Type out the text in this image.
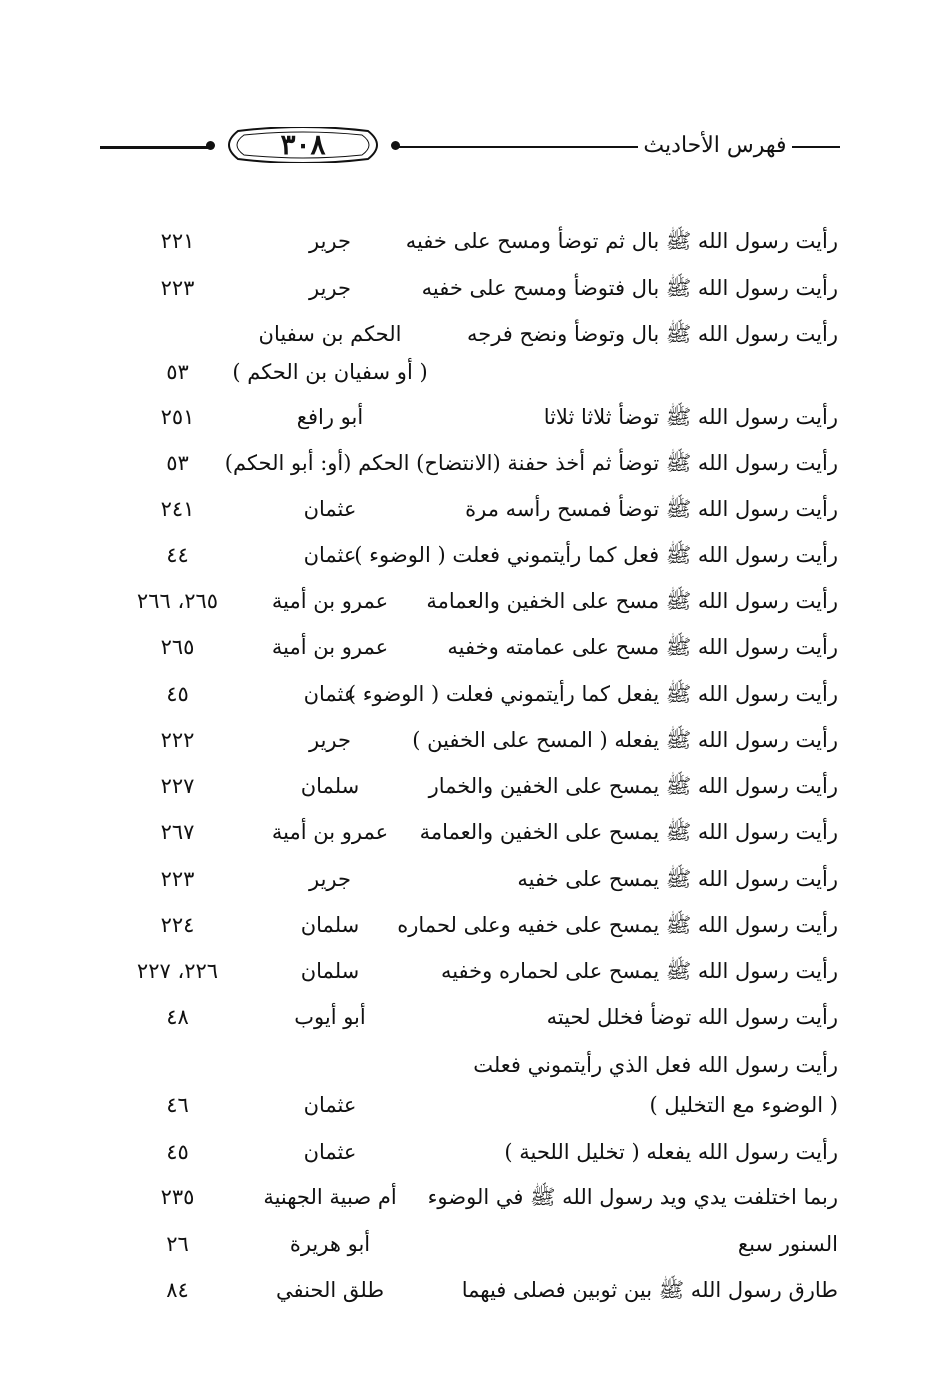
٣٠٨	فهرس الأحاديث
رأيت رسول الله ﷺ بال ثم توضأ ومسح على خفيه
جرير
٢٢١
رأيت رسول الله ﷺ بال فتوضأ ومسح على خفيه
جرير
٢٢٣
رأيت رسول الله ﷺ بال وتوضأ ونضح فرجه
الحكم بن سفيان
( أو سفيان بن الحكم )
٥٣
رأيت رسول الله ﷺ توضأ ثلاثا ثلاثا
أبو رافع
٢٥١
رأيت رسول الله ﷺ توضأ ثم أخذ حفنة (الانتضاح) الحكم (أو: أبو الحكم)
٥٣
رأيت رسول الله ﷺ توضأ فمسح رأسه مرة
عثمان
٢٤١
رأيت رسول الله ﷺ فعل كما رأيتموني فعلت ( الوضوء )
عثمان
٤٤
رأيت رسول الله ﷺ مسح على الخفين والعمامة
عمرو بن أمية
٢٦٥، ٢٦٦
رأيت رسول الله ﷺ مسح على عمامته وخفيه
عمرو بن أمية
٢٦٥
رأيت رسول الله ﷺ يفعل كما رأيتموني فعلت ( الوضوء )
عثمان
٤٥
رأيت رسول الله ﷺ يفعله ( المسح على الخفين )
جرير
٢٢٢
رأيت رسول الله ﷺ يمسح على الخفين والخمار
سلمان
٢٢٧
رأيت رسول الله ﷺ يمسح على الخفين والعمامة
عمرو بن أمية
٢٦٧
رأيت رسول الله ﷺ يمسح على خفيه
جرير
٢٢٣
رأيت رسول الله ﷺ يمسح على خفيه وعلى لحماره
سلمان
٢٢٤
رأيت رسول الله ﷺ يمسح على لحماره وخفيه
سلمان
٢٢٦، ٢٢٧
رأيت رسول الله توضأ فخلل لحيته
أبو أيوب
٤٨
رأيت رسول الله فعل الذي رأيتموني فعلت
( الوضوء مع التخليل )
عثمان
٤٦
رأيت رسول الله يفعله ( تخليل اللحية )
عثمان
٤٥
ربما اختلفت يدي ويد رسول الله ﷺ في الوضوء
أم صبية الجهنية
٢٣٥
السنور سبع
أبو هريرة
٢٦
طارق رسول الله ﷺ بين ثوبين فصلى فيهما
طلق الحنفي
٨٤
